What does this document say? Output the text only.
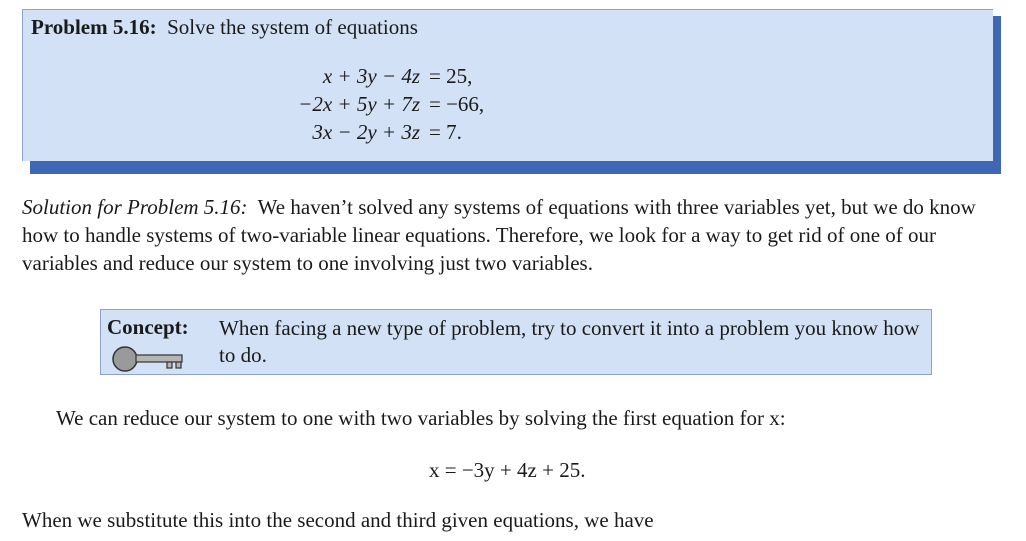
Problem 5.16: Solve the system of equations
x + 3y − 4z = 25,
−2x + 5y + 7z = −66,
3x − 2y + 3z = 7.
Solution for Problem 5.16: We haven’t solved any systems of equations with three variables yet, but we do know how to handle systems of two-variable linear equations. Therefore, we look for a way to get rid of one of our variables and reduce our system to one involving just two variables.
Concept: When facing a new type of problem, try to convert it into a problem you know how to do.
We can reduce our system to one with two variables by solving the first equation for x:
x = −3y + 4z + 25.
When we substitute this into the second and third given equations, we have
